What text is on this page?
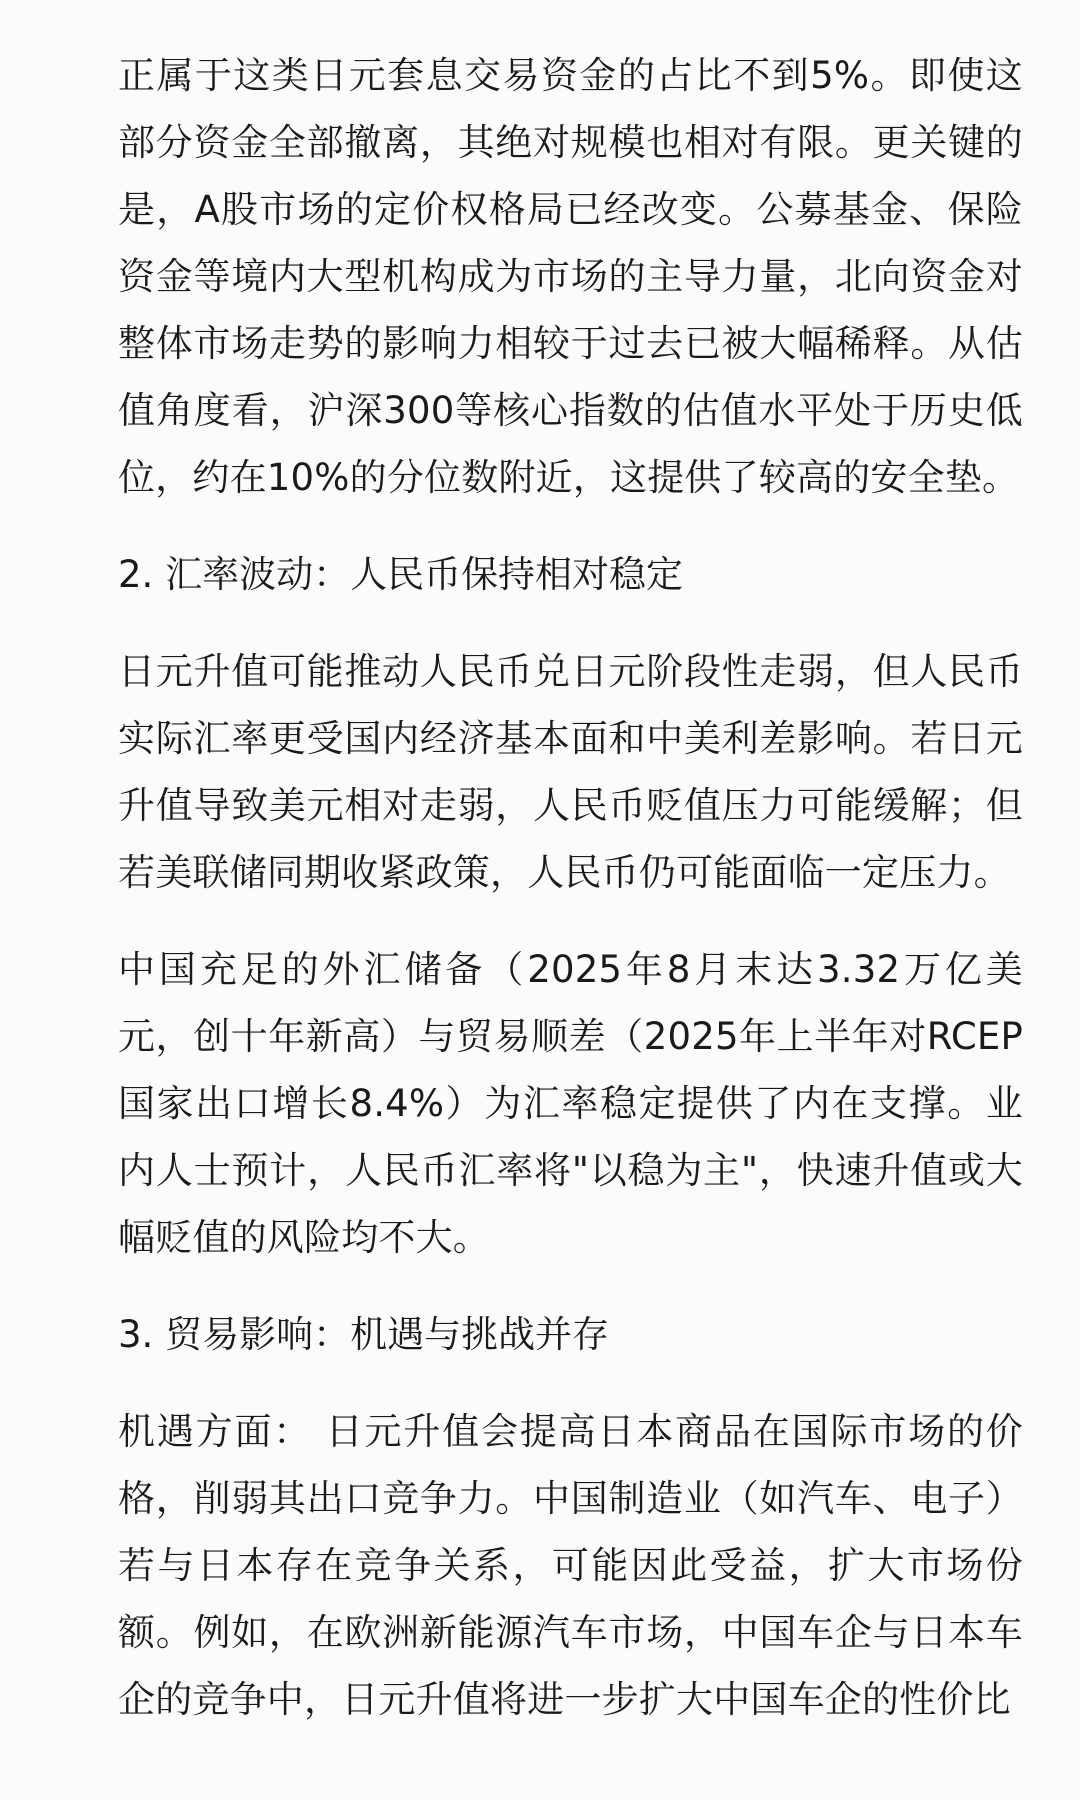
正属于这类日元套息交易资金的占比不到5%。即使这部分资金全部撤离，其绝对规模也相对有限。更关键的是，A股市场的定价权格局已经改变。公募基金、保险资金等境内大型机构成为市场的主导力量，北向资金对整体市场走势的影响力相较于过去已被大幅稀释。从估值角度看，沪深300等核心指数的估值水平处于历史低位，约在10%的分位数附近，这提供了较高的安全垫。

2. 汇率波动：人民币保持相对稳定

日元升值可能推动人民币兑日元阶段性走弱，但人民币实际汇率更受国内经济基本面和中美利差影响。若日元升值导致美元相对走弱，人民币贬值压力可能缓解；但若美联储同期收紧政策，人民币仍可能面临一定压力。

中国充足的外汇储备（2025年8月末达3.32万亿美元，创十年新高）与贸易顺差（2025年上半年对RCEP国家出口增长8.4%）为汇率稳定提供了内在支撑。业内人士预计，人民币汇率将"以稳为主"，快速升值或大幅贬值的风险均不大。

3. 贸易影响：机遇与挑战并存

机遇方面： 日元升值会提高日本商品在国际市场的价格，削弱其出口竞争力。中国制造业（如汽车、电子）若与日本存在竞争关系，可能因此受益，扩大市场份额。例如，在欧洲新能源汽车市场，中国车企与日本车企的竞争中，日元升值将进一步扩大中国车企的性价比
